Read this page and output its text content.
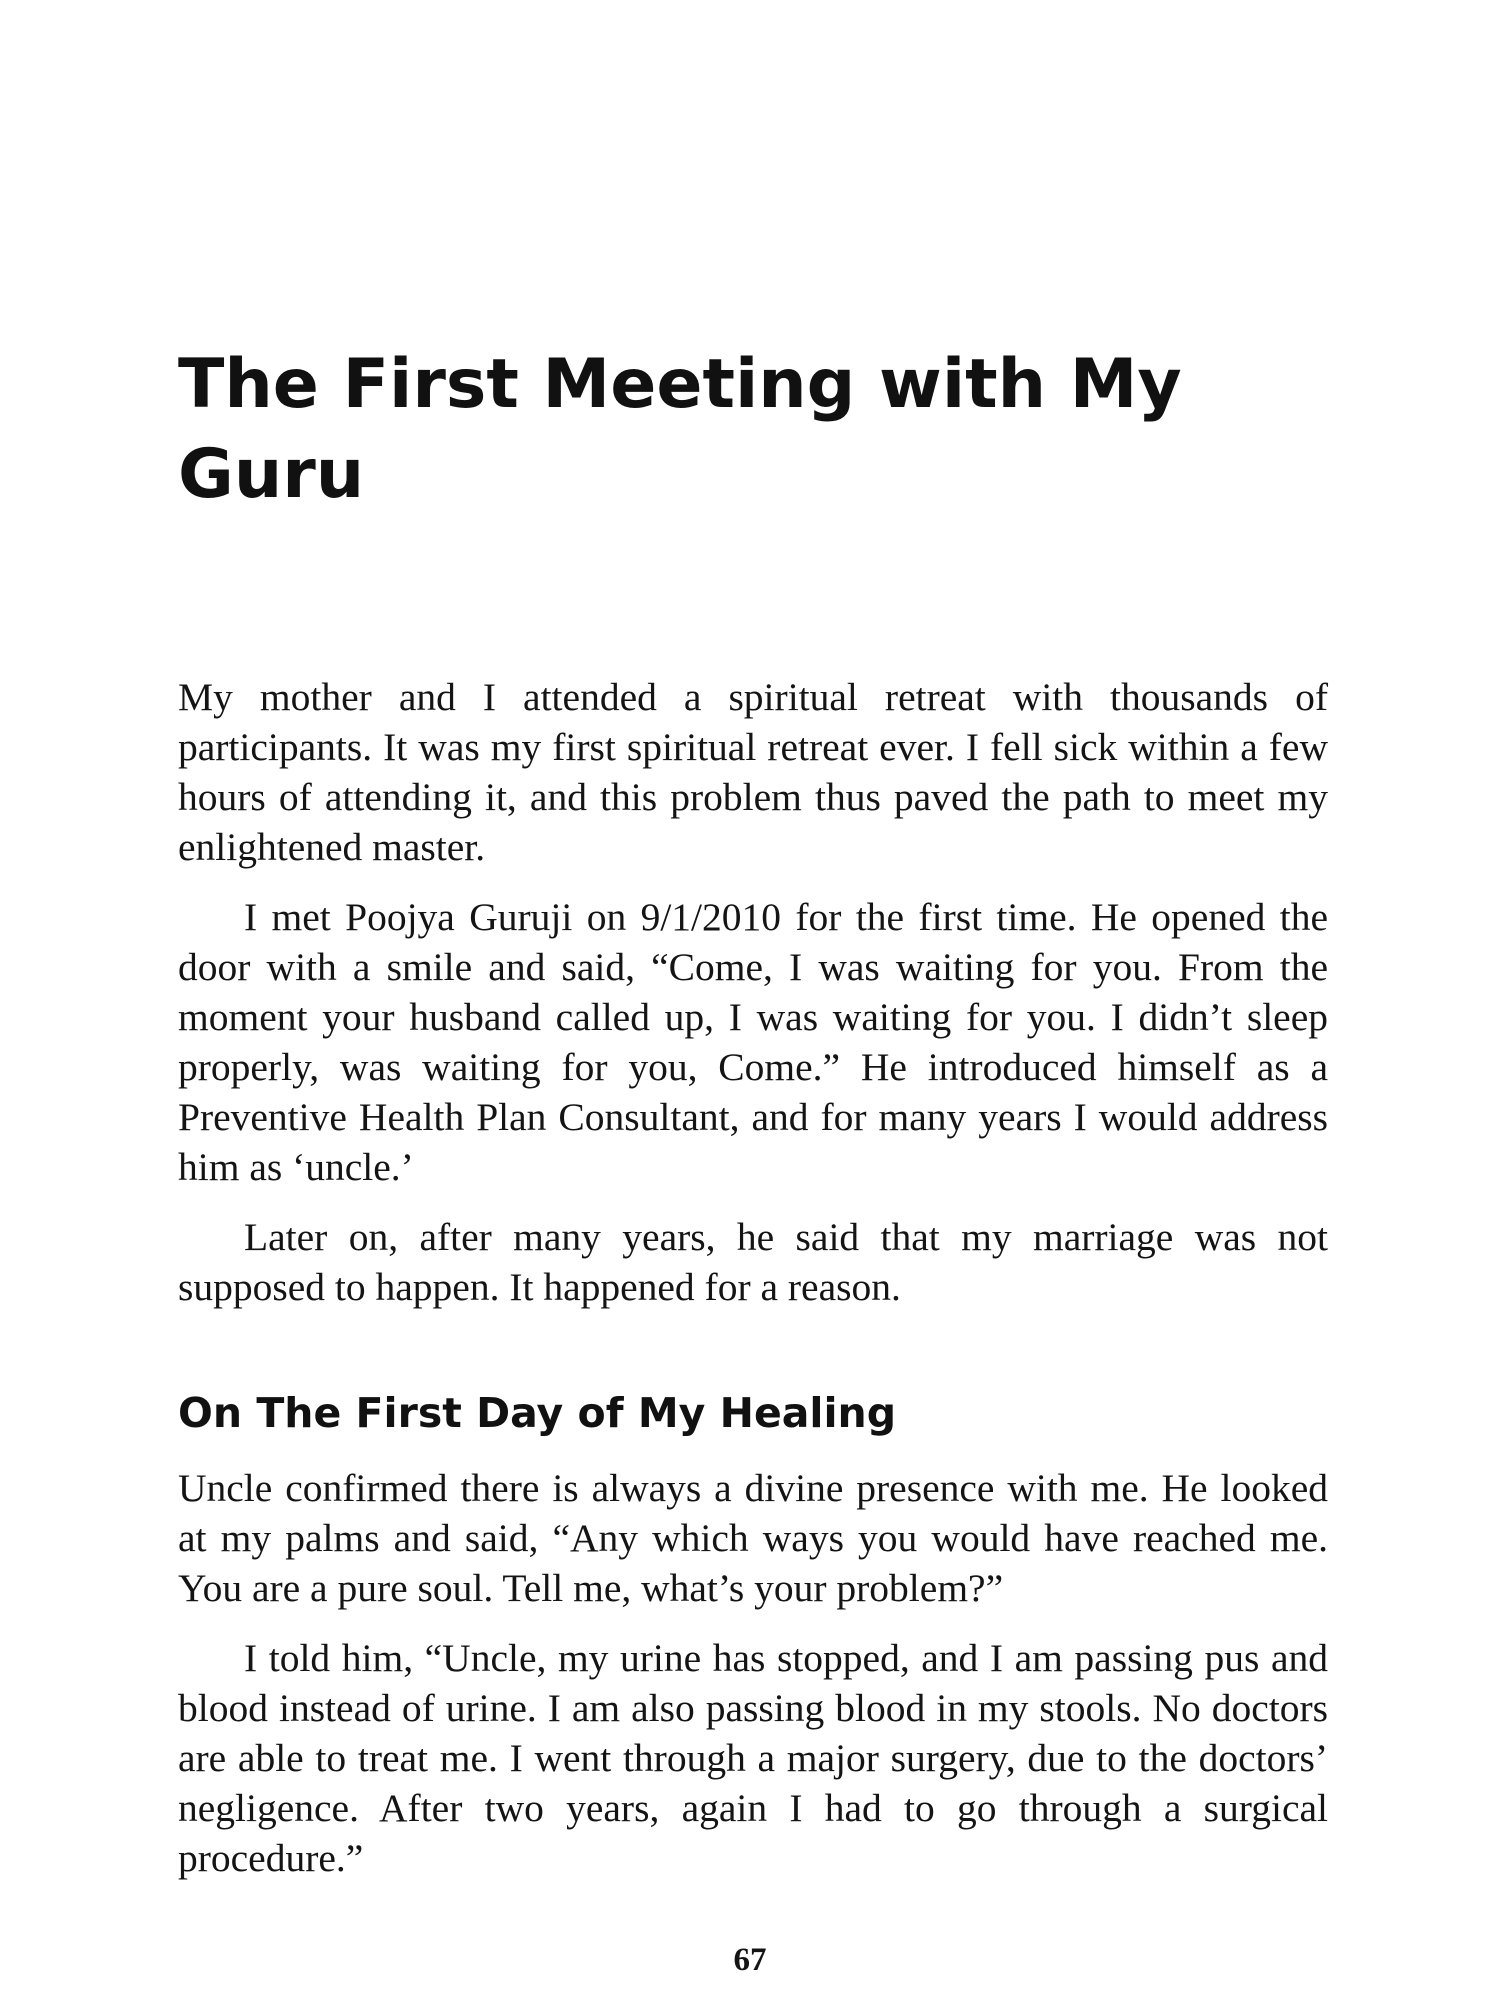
The First Meeting with My Guru

My mother and I attended a spiritual retreat with thousands of participants. It was my first spiritual retreat ever. I fell sick within a few hours of attending it, and this problem thus paved the path to meet my enlightened master.

I met Poojya Guruji on 9/1/2010 for the first time. He opened the door with a smile and said, “Come, I was waiting for you. From the moment your husband called up, I was waiting for you. I didn’t sleep properly, was waiting for you, Come.” He introduced himself as a Preventive Health Plan Consultant, and for many years I would address him as ‘uncle.’

Later on, after many years, he said that my marriage was not supposed to happen. It happened for a reason.

On The First Day of My Healing

Uncle confirmed there is always a divine presence with me. He looked at my palms and said, “Any which ways you would have reached me. You are a pure soul. Tell me, what’s your problem?”

I told him, “Uncle, my urine has stopped, and I am passing pus and blood instead of urine. I am also passing blood in my stools. No doctors are able to treat me. I went through a major surgery, due to the doctors’ negligence. After two years, again I had to go through a surgical procedure.”

67
